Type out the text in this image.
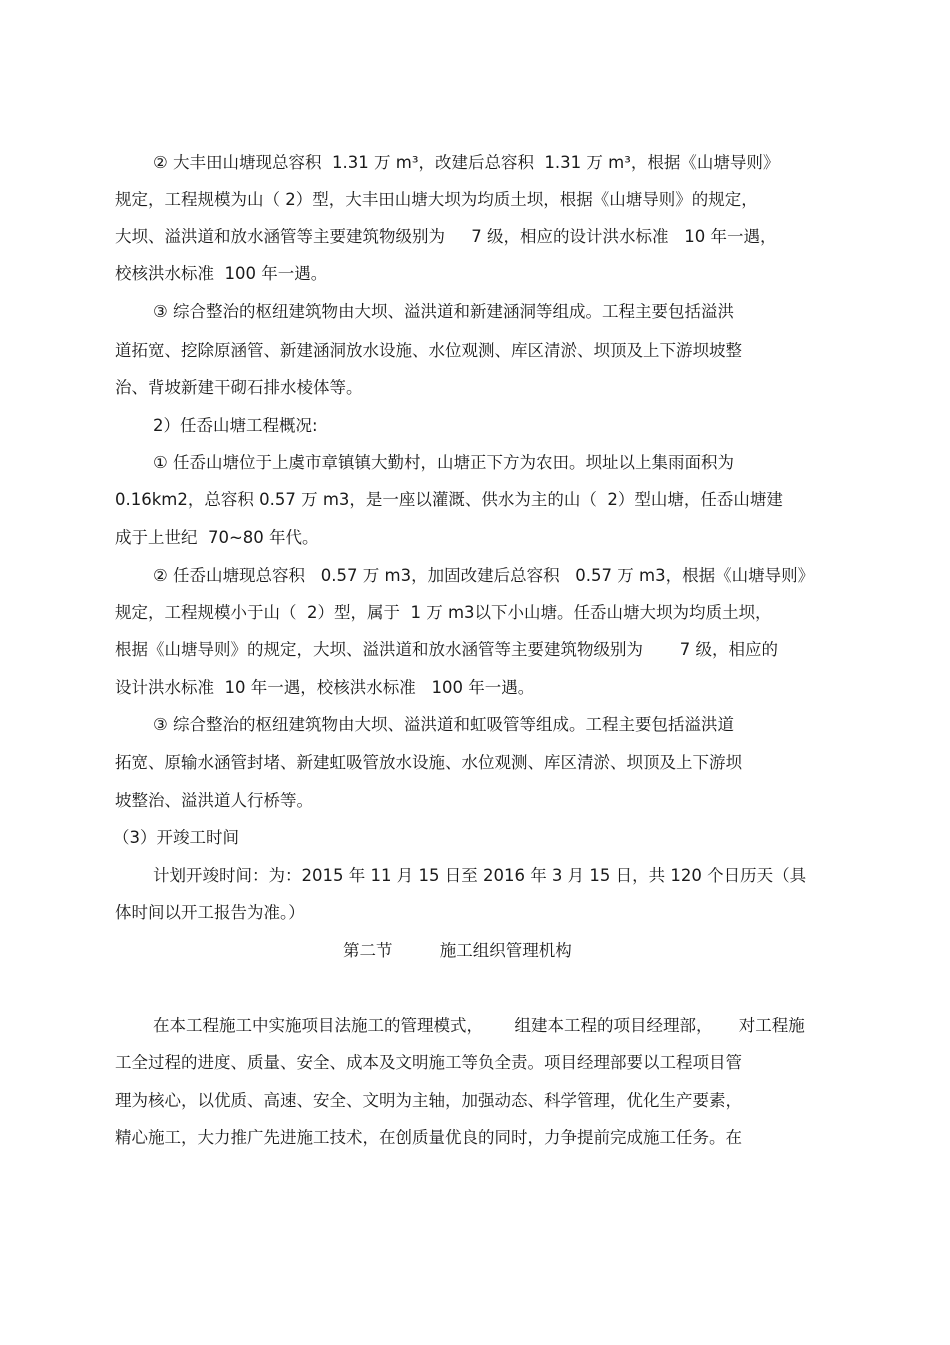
② 大丰田山塘现总容积  1.31 万 m³，改建后总容积  1.31 万 m³，根据《山塘导则》
规定，工程规模为山（ 2）型，大丰田山塘大坝为均质土坝，根据《山塘导则》的规定，
大坝、溢洪道和放水涵管等主要建筑物级别为     7 级，相应的设计洪水标准   10 年一遇，
校核洪水标准  100 年一遇。
③ 综合整治的枢纽建筑物由大坝、溢洪道和新建涵洞等组成。工程主要包括溢洪
道拓宽、挖除原涵管、新建涵洞放水设施、水位观测、库区清淤、坝顶及上下游坝坡整
治、背坡新建干砌石排水棱体等。
2）任岙山塘工程概况:
① 任岙山塘位于上虞市章镇镇大勤村，山塘正下方为农田。坝址以上集雨面积为
0.16km2，总容积 0.57 万 m3，是一座以灌溉、供水为主的山（  2）型山塘，任岙山塘建
成于上世纪  70~80 年代。
② 任岙山塘现总容积   0.57 万 m3，加固改建后总容积   0.57 万 m3，根据《山塘导则》
规定，工程规模小于山（  2）型，属于  1 万 m3以下小山塘。任岙山塘大坝为均质土坝，
根据《山塘导则》的规定，大坝、溢洪道和放水涵管等主要建筑物级别为       7 级，相应的
设计洪水标准  10 年一遇，校核洪水标准   100 年一遇。
③ 综合整治的枢纽建筑物由大坝、溢洪道和虹吸管等组成。工程主要包括溢洪道
拓宽、原输水涵管封堵、新建虹吸管放水设施、水位观测、库区清淤、坝顶及上下游坝
坡整治、溢洪道人行桥等。
（3）开竣工时间
计划开竣时间：为：2015 年 11 月 15 日至 2016 年 3 月 15 日，共 120 个日历天（具
体时间以开工报告为准。）
第二节         施工组织管理机构
在本工程施工中实施项目法施工的管理模式，      组建本工程的项目经理部，     对工程施
工全过程的进度、质量、安全、成本及文明施工等负全责。项目经理部要以工程项目管
理为核心，以优质、高速、安全、文明为主轴，加强动态、科学管理，优化生产要素，
精心施工，大力推广先进施工技术，在创质量优良的同时，力争提前完成施工任务。在
